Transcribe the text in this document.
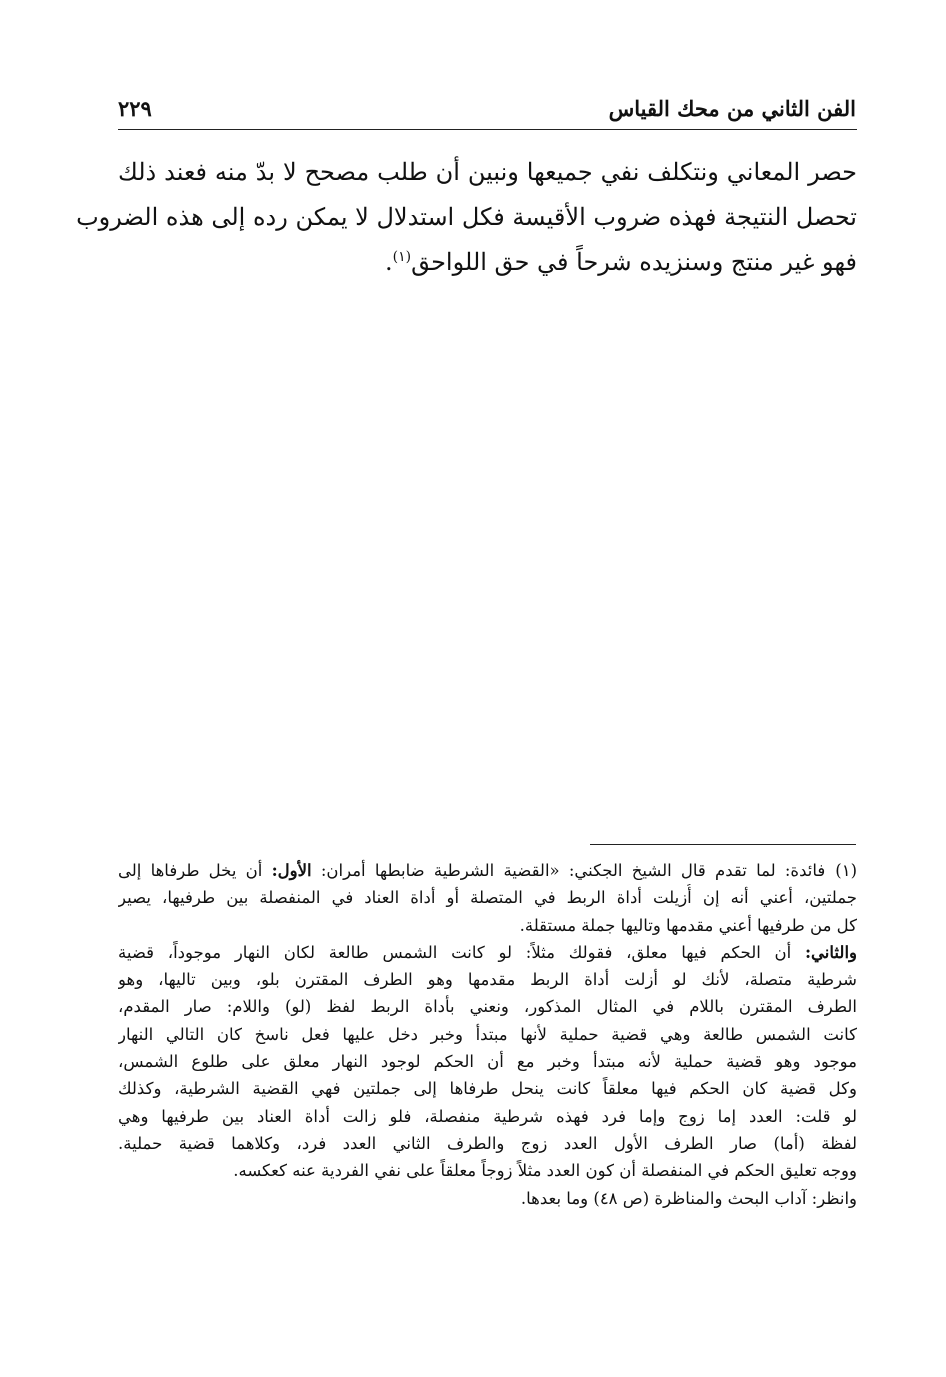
الفن الثاني من محك القياس
٢٢٩
حصر المعاني ونتكلف نفي جميعها ونبين أن طلب مصحح لا بدّ منه فعند ذلك
تحصل النتيجة فهذه ضروب الأقيسة فكل استدلال لا يمكن رده إلى هذه الضروب
فهو غير منتج وسنزيده شرحاً في حق اللواحق$^{(١)}$.
(١)فائدة: لما تقدم قال الشيخ الجكني: «القضية الشرطية ضابطها أمران: الأول: أن يخل طرفاها إلى
جملتين، أعني أنه إن أُزيلت أداة الربط في المتصلة أو أداة العناد في المنفصلة بين طرفيها، يصير
كل من طرفيها أعني مقدمها وتاليها جملة مستقلة.
والثاني: أن الحكم فيها معلق، فقولك مثلاً: لو كانت الشمس طالعة لكان النهار موجوداً، قضية
شرطية متصلة، لأنك لو أزلت أداة الربط مقدمها وهو الطرف المقترن بلو، وبين تاليها، وهو
الطرف المقترن باللام في المثال المذكور، ونعني بأداة الربط لفظ (لو) واللام: صار المقدم،
كانت الشمس طالعة وهي قضية حملية لأنها مبتدأ وخبر دخل عليها فعل ناسخ كان التالي النهار
موجود وهو قضية حملية لأنه مبتدأ وخبر مع أن الحكم لوجود النهار معلق على طلوع الشمس،
وكل قضية كان الحكم فيها معلقاً كانت ينحل طرفاها إلى جملتين فهي القضية الشرطية، وكذلك
لو قلت: العدد إما زوج وإما فرد فهذه شرطية منفصلة، فلو زالت أداة العناد بين طرفيها وهي
لفظة (أما) صار الطرف الأول العدد زوج والطرف الثاني العدد فرد، وكلاهما قضية حملية.
ووجه تعليق الحكم في المنفصلة أن كون العدد مثلاً زوجاً معلقاً على نفي الفردية عنه كعكسه.
وانظر: آداب البحث والمناظرة (ص ٤٨) وما بعدها.
